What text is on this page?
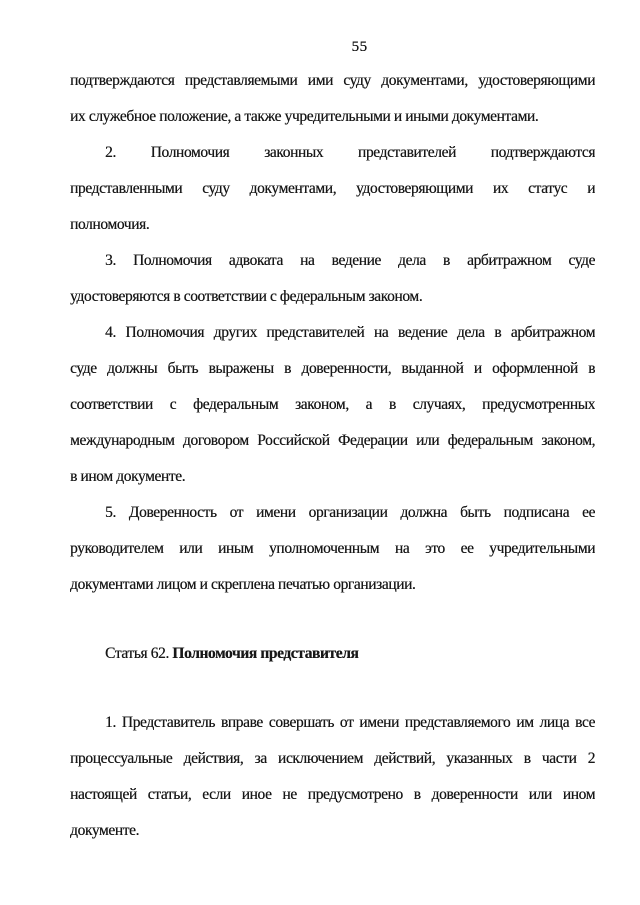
55
подтверждаются представляемыми ими суду документами, удостоверяющими
их служебное положение, а также учредительными и иными документами.
2. Полномочия законных представителей подтверждаются
представленными суду документами, удостоверяющими их статус и
полномочия.
3. Полномочия адвоката на ведение дела в арбитражном суде
удостоверяются в соответствии с федеральным законом.
4. Полномочия других представителей на ведение дела в арбитражном
суде должны быть выражены в доверенности, выданной и оформленной в
соответствии с федеральным законом, а в случаях, предусмотренных
международным договором Российской Федерации или федеральным законом,
в ином документе.
5. Доверенность от имени организации должна быть подписана ее
руководителем или иным уполномоченным на это ее учредительными
документами лицом и скреплена печатью организации.
Статья 62. Полномочия представителя
1. Представитель вправе совершать от имени представляемого им лица все
процессуальные действия, за исключением действий, указанных в части 2
настоящей статьи, если иное не предусмотрено в доверенности или ином
документе.
